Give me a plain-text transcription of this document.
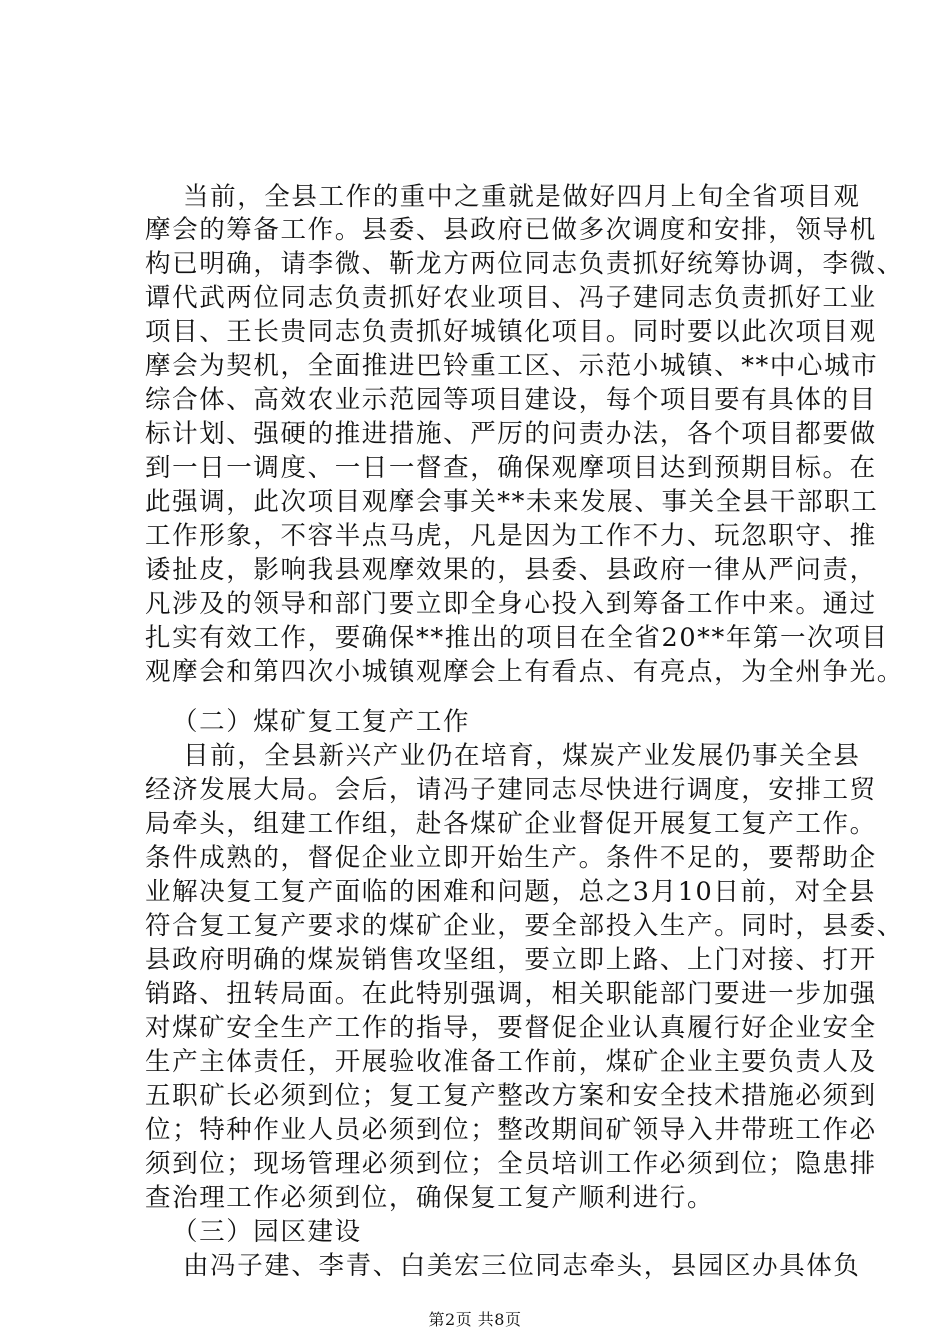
当前，全县工作的重中之重就是做好四月上旬全省项目观
摩会的筹备工作。县委、县政府已做多次调度和安排，领导机
构已明确，请李微、靳龙方两位同志负责抓好统筹协调，李微、
谭代武两位同志负责抓好农业项目、冯子建同志负责抓好工业
项目、王长贵同志负责抓好城镇化项目。同时要以此次项目观
摩会为契机，全面推进巴铃重工区、示范小城镇、**中心城市
综合体、高效农业示范园等项目建设，每个项目要有具体的目
标计划、强硬的推进措施、严厉的问责办法，各个项目都要做
到一日一调度、一日一督查，确保观摩项目达到预期目标。在
此强调，此次项目观摩会事关**未来发展、事关全县干部职工
工作形象，不容半点马虎，凡是因为工作不力、玩忽职守、推
诿扯皮，影响我县观摩效果的，县委、县政府一律从严问责，
凡涉及的领导和部门要立即全身心投入到筹备工作中来。通过
扎实有效工作，要确保**推出的项目在全省20**年第一次项目
观摩会和第四次小城镇观摩会上有看点、有亮点，为全州争光。
（二）煤矿复工复产工作
目前，全县新兴产业仍在培育，煤炭产业发展仍事关全县
经济发展大局。会后，请冯子建同志尽快进行调度，安排工贸
局牵头，组建工作组，赴各煤矿企业督促开展复工复产工作。
条件成熟的，督促企业立即开始生产。条件不足的，要帮助企
业解决复工复产面临的困难和问题，总之3月10日前，对全县
符合复工复产要求的煤矿企业，要全部投入生产。同时，县委、
县政府明确的煤炭销售攻坚组，要立即上路、上门对接、打开
销路、扭转局面。在此特别强调，相关职能部门要进一步加强
对煤矿安全生产工作的指导，要督促企业认真履行好企业安全
生产主体责任，开展验收准备工作前，煤矿企业主要负责人及
五职矿长必须到位；复工复产整改方案和安全技术措施必须到
位；特种作业人员必须到位；整改期间矿领导入井带班工作必
须到位；现场管理必须到位；全员培训工作必须到位；隐患排
查治理工作必须到位，确保复工复产顺利进行。
（三）园区建设
由冯子建、李青、白美宏三位同志牵头，县园区办具体负
第2页 共8页
